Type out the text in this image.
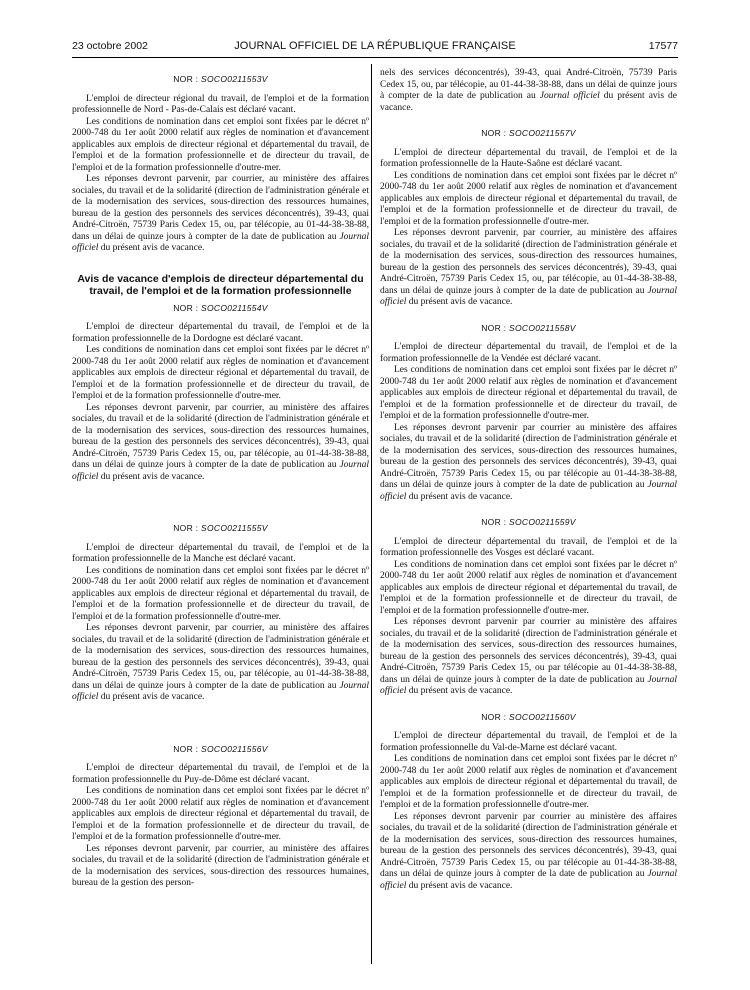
23 octobre 2002	JOURNAL OFFICIEL DE LA RÉPUBLIQUE FRANÇAISE	17577
NOR : SOCO0211553V

L'emploi de directeur régional du travail, de l'emploi et de la formation professionnelle de Nord - Pas-de-Calais est déclaré vacant.

Les conditions de nomination dans cet emploi sont fixées par le décret nº 2000-748 du 1er août 2000 relatif aux règles de nomination et d'avancement applicables aux emplois de directeur régional et départemental du travail, de l'emploi et de la formation professionnelle et de directeur du travail, de l'emploi et de la formation professionnelle d'outre-mer.

Les réponses devront parvenir, par courrier, au ministère des affaires sociales, du travail et de la solidarité (direction de l'administration générale et de la modernisation des services, sous-direction des ressources humaines, bureau de la gestion des personnels des services déconcentrés), 39-43, quai André-Citroën, 75739 Paris Cedex 15, ou, par télécopie, au 01-44-38-38-88, dans un délai de quinze jours à compter de la date de publication au Journal officiel du présent avis de vacance.

Avis de vacance d'emplois de directeur départemental du travail, de l'emploi et de la formation professionnelle
NOR : SOCO0211554V

L'emploi de directeur départemental du travail, de l'emploi et de la formation professionnelle de la Dordogne est déclaré vacant.

Les conditions de nomination dans cet emploi sont fixées par le décret nº 2000-748 du 1er août 2000 relatif aux règles de nomination et d'avancement applicables aux emplois de directeur régional et départemental du travail, de l'emploi et de la formation professionnelle et de directeur du travail, de l'emploi et de la formation professionnelle d'outre-mer.

Les réponses devront parvenir, par courrier, au ministère des affaires sociales, du travail et de la solidarité (direction de l'administration générale et de la modernisation des services, sous-direction des ressources humaines, bureau de la gestion des personnels des services déconcentrés), 39-43, quai André-Citroën, 75739 Paris Cedex 15, ou, par télécopie, au 01-44-38-38-88, dans un délai de quinze jours à compter de la date de publication au Journal officiel du présent avis de vacance.

NOR : SOCO0211555V

L'emploi de directeur départemental du travail, de l'emploi et de la formation professionnelle de la Manche est déclaré vacant.

Les conditions de nomination dans cet emploi sont fixées par le décret nº 2000-748 du 1er août 2000 relatif aux règles de nomination et d'avancement applicables aux emplois de directeur régional et départemental du travail, de l'emploi et de la formation professionnelle et de directeur du travail, de l'emploi et de la formation professionnelle d'outre-mer.

Les réponses devront parvenir, par courrier, au ministère des affaires sociales, du travail et de la solidarité (direction de l'administration générale et de la modernisation des services, sous-direction des ressources humaines, bureau de la gestion des personnels des services déconcentrés), 39-43, quai André-Citroën, 75739 Paris Cedex 15, ou, par télécopie, au 01-44-38-38-88, dans un délai de quinze jours à compter de la date de publication au Journal officiel du présent avis de vacance.

NOR : SOCO0211556V

L'emploi de directeur départemental du travail, de l'emploi et de la formation professionnelle du Puy-de-Dôme est déclaré vacant.

Les conditions de nomination dans cet emploi sont fixées par le décret nº 2000-748 du 1er août 2000 relatif aux règles de nomination et d'avancement applicables aux emplois de directeur régional et départemental du travail, de l'emploi et de la formation professionnelle et de directeur du travail, de l'emploi et de la formation professionnelle d'outre-mer.

Les réponses devront parvenir, par courrier, au ministère des affaires sociales, du travail et de la solidarité (direction de l'administration générale et de la modernisation des services, sous-direction des ressources humaines, bureau de la gestion des person-

nels des services déconcentrés), 39-43, quai André-Citroën, 75739 Paris Cedex 15, ou, par télécopie, au 01-44-38-38-88, dans un délai de quinze jours à compter de la date de publication au Journal officiel du présent avis de vacance.

NOR : SOCO0211557V

L'emploi de directeur départemental du travail, de l'emploi et de la formation professionnelle de la Haute-Saône est déclaré vacant.

Les conditions de nomination dans cet emploi sont fixées par le décret nº 2000-748 du 1er août 2000 relatif aux règles de nomination et d'avancement applicables aux emplois de directeur régional et départemental du travail, de l'emploi et de la formation professionnelle et de directeur du travail, de l'emploi et de la formation professionnelle d'outre-mer.

Les réponses devront parvenir, par courrier, au ministère des affaires sociales, du travail et de la solidarité (direction de l'administration générale et de la modernisation des services, sous-direction des ressources humaines, bureau de la gestion des personnels des services déconcentrés), 39-43, quai André-Citroën, 75739 Paris Cedex 15, ou, par télécopie, au 01-44-38-38-88, dans un délai de quinze jours à compter de la date de publication au Journal officiel du présent avis de vacance.

NOR : SOCO0211558V

L'emploi de directeur départemental du travail, de l'emploi et de la formation professionnelle de la Vendée est déclaré vacant.

Les conditions de nomination dans cet emploi sont fixées par le décret nº 2000-748 du 1er août 2000 relatif aux règles de nomination et d'avancement applicables aux emplois de directeur régional et départemental du travail, de l'emploi et de la formation professionnelle et de directeur du travail, de l'emploi et de la formation professionnelle d'outre-mer.

Les réponses devront parvenir par courrier au ministère des affaires sociales, du travail et de la solidarité (direction de l'administration générale et de la modernisation des services, sous-direction des ressources humaines, bureau de la gestion des personnels des services déconcentrés), 39-43, quai André-Citroën, 75739 Paris Cedex 15, ou par télécopie au 01-44-38-38-88, dans un délai de quinze jours à compter de la date de publication au Journal officiel du présent avis de vacance.

NOR : SOCO0211559V

L'emploi de directeur départemental du travail, de l'emploi et de la formation professionnelle des Vosges est déclaré vacant.

Les conditions de nomination dans cet emploi sont fixées par le décret nº 2000-748 du 1er août 2000 relatif aux règles de nomination et d'avancement applicables aux emplois de directeur régional et départemental du travail, de l'emploi et de la formation professionnelle et de directeur du travail, de l'emploi et de la formation professionnelle d'outre-mer.

Les réponses devront parvenir par courrier au ministère des affaires sociales, du travail et de la solidarité (direction de l'administration générale et de la modernisation des services, sous-direction des ressources humaines, bureau de la gestion des personnels des services déconcentrés), 39-43, quai André-Citroën, 75739 Paris Cedex 15, ou par télécopie au 01-44-38-38-88, dans un délai de quinze jours à compter de la date de publication au Journal officiel du présent avis de vacance.

NOR : SOCO0211560V

L'emploi de directeur départemental du travail, de l'emploi et de la formation professionnelle du Val-de-Marne est déclaré vacant.

Les conditions de nomination dans cet emploi sont fixées par le décret nº 2000-748 du 1er août 2000 relatif aux règles de nomination et d'avancement applicables aux emplois de directeur régional et départemental du travail, de l'emploi et de la formation professionnelle et de directeur du travail, de l'emploi et de la formation professionnelle d'outre-mer.

Les réponses devront parvenir par courrier au ministère des affaires sociales, du travail et de la solidarité (direction de l'administration générale et de la modernisation des services, sous-direction des ressources humaines, bureau de la gestion des personnels des services déconcentrés), 39-43, quai André-Citroën, 75739 Paris Cedex 15, ou par télécopie au 01-44-38-38-88, dans un délai de quinze jours à compter de la date de publication au Journal officiel du présent avis de vacance.
